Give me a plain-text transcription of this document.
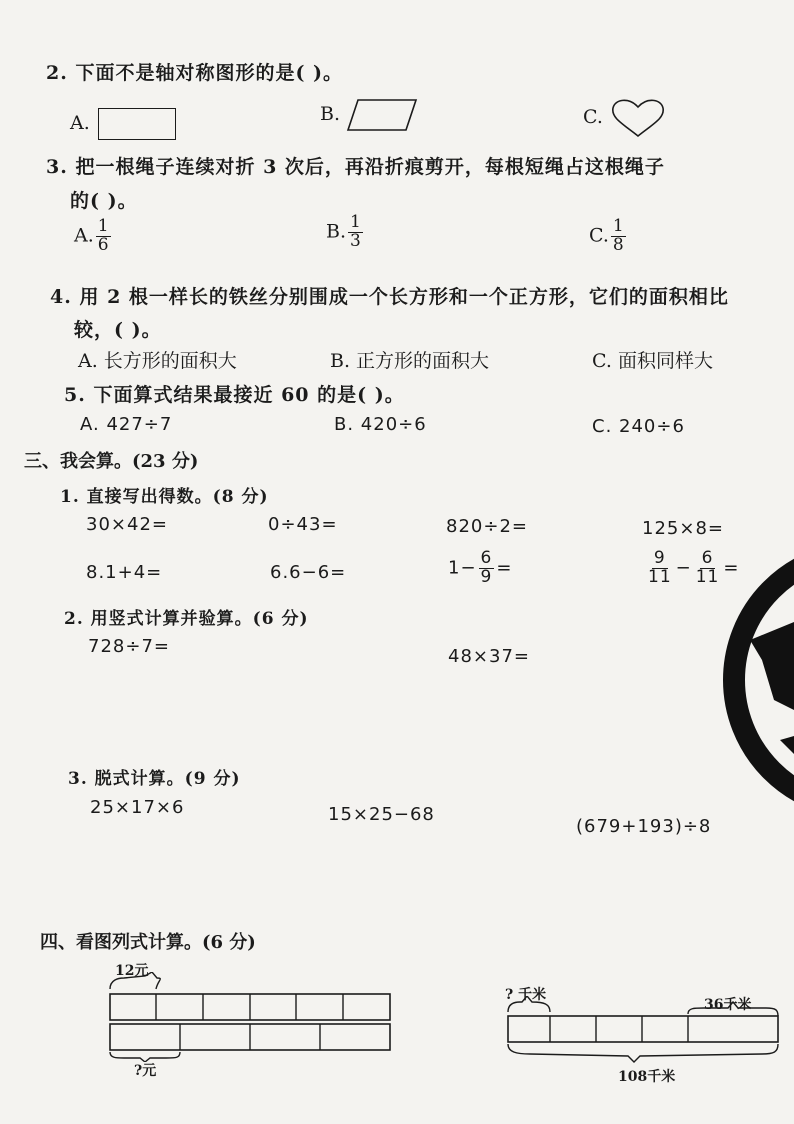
2. 下面不是轴对称图形的是( )。
A.	B.	C.
3. 把一根绳子连续对折 3 次后，再沿折痕剪开，每根短绳占这根绳子
的( )。
A. $\frac{1}{6}$	B. $\frac{1}{3}$	C. $\frac{1}{8}$
4. 用 2 根一样长的铁丝分别围成一个长方形和一个正方形，它们的面积相比
较，( )。
A. 长方形的面积大	B. 正方形的面积大	C. 面积同样大
5. 下面算式结果最接近 60 的是( )。
A. 427÷7	B. 420÷6	C. 240÷6
三、我会算。(23 分)
1. 直接写出得数。(8 分)
30×42=	0÷43=	820÷2=	125×8=
8.1+4=	6.6−6=	$1- \frac{6}{9}$ =	$\frac{9}{11} - \frac{6}{11}$ =
2. 用竖式计算并验算。(6 分)
728÷7=	48×37=
3. 脱式计算。(9 分)
25×17×6	15×25−68
(679+193)÷8
四、看图列式计算。(6 分)
12元
?元
? 千米
36千米
108千米
